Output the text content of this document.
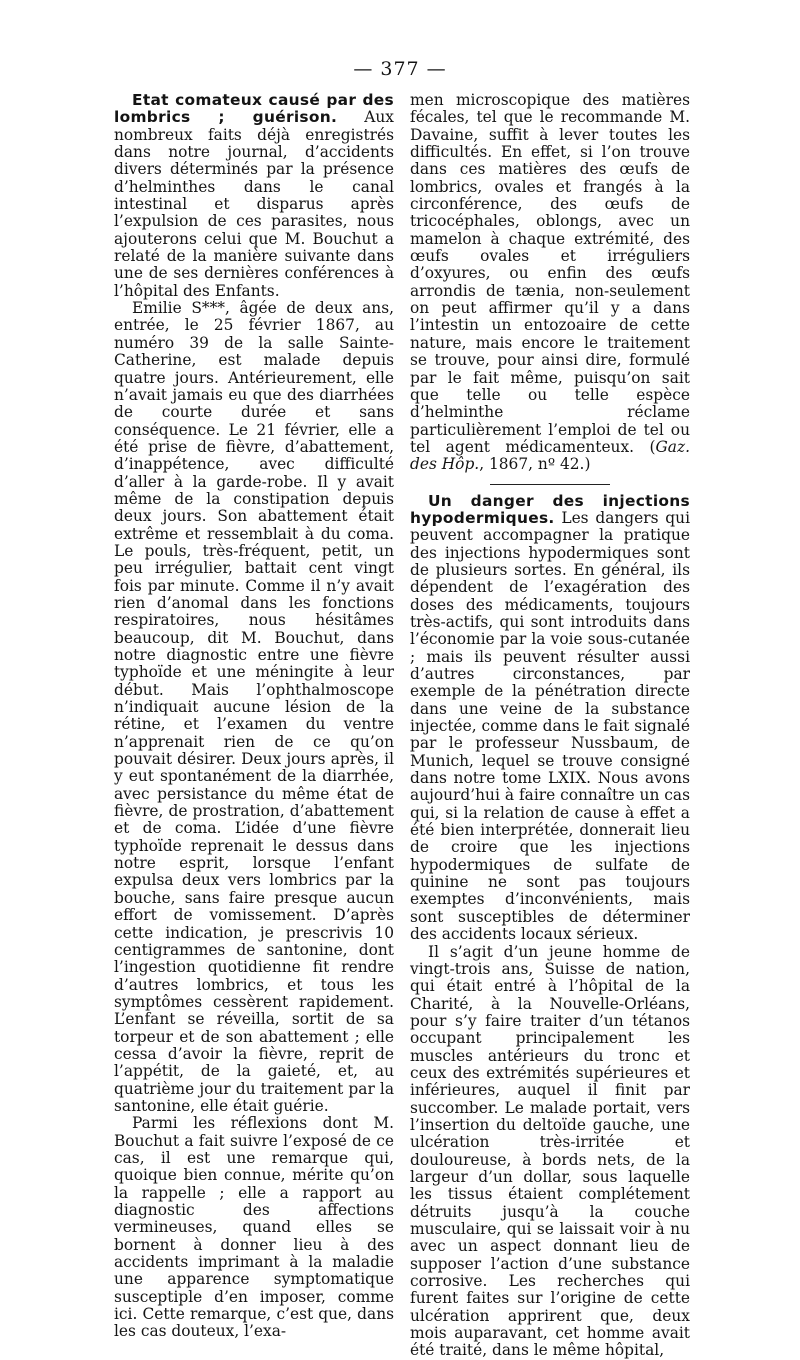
— 377 —

Etat comateux causé par des lombrics ; guérison. Aux nombreux faits déjà enregistrés dans notre journal, d’accidents divers déterminés par la présence d’helminthes dans le canal intestinal et disparus après l’expulsion de ces parasites, nous ajouterons celui que M. Bouchut a relaté de la manière suivante dans une de ses dernières conférences à l’hôpital des Enfants.

Emilie S***, âgée de deux ans, entrée, le 25 février 1867, au numéro 39 de la salle Sainte-Catherine, est malade depuis quatre jours. Antérieurement, elle n’avait jamais eu que des diarrhées de courte durée et sans conséquence. Le 21 février, elle a été prise de fièvre, d’abattement, d’inappétence, avec difficulté d’aller à la garde-robe. Il y avait même de la constipation depuis deux jours. Son abattement était extrême et ressemblait à du coma. Le pouls, très-fréquent, petit, un peu irrégulier, battait cent vingt fois par minute. Comme il n’y avait rien d’anomal dans les fonctions respiratoires, nous hésitâmes beaucoup, dit M. Bouchut, dans notre diagnostic entre une fièvre typhoïde et une méningite à leur début. Mais l’ophthalmoscope n’indiquait aucune lésion de la rétine, et l’examen du ventre n’apprenait rien de ce qu’on pouvait désirer. Deux jours après, il y eut spontanément de la diarrhée, avec persistance du même état de fièvre, de prostration, d’abattement et de coma. L’idée d’une fièvre typhoïde reprenait le dessus dans notre esprit, lorsque l’enfant expulsa deux vers lombrics par la bouche, sans faire presque aucun effort de vomissement. D’après cette indication, je prescrivis 10 centigrammes de santonine, dont l’ingestion quotidienne fit rendre d’autres lombrics, et tous les symptômes cessèrent rapidement. L’enfant se réveilla, sortit de sa torpeur et de son abattement ; elle cessa d’avoir la fièvre, reprit de l’appétit, de la gaieté, et, au quatrième jour du traitement par la santonine, elle était guérie.

Parmi les réflexions dont M. Bouchut a fait suivre l’exposé de ce cas, il est une remarque qui, quoique bien connue, mérite qu’on la rappelle ; elle a rapport au diagnostic des affections vermineuses, quand elles se bornent à donner lieu à des accidents imprimant à la maladie une apparence symptomatique susceptiple d’en imposer, comme ici. Cette remarque, c’est que, dans les cas douteux, l’exa-

men microscopique des matières fécales, tel que le recommande M. Davaine, suffit à lever toutes les difficultés. En effet, si l’on trouve dans ces matières des œufs de lombrics, ovales et frangés à la circonférence, des œufs de tricocéphales, oblongs, avec un mamelon à chaque extrémité, des œufs ovales et irréguliers d’oxyures, ou enfin des œufs arrondis de tænia, non-seulement on peut affirmer qu’il y a dans l’intestin un entozoaire de cette nature, mais encore le traitement se trouve, pour ainsi dire, formulé par le fait même, puisqu’on sait que telle ou telle espèce d’helminthe réclame particulièrement l’emploi de tel ou tel agent médicamenteux. (Gaz. des Hôp., 1867, nº 42.)

Un danger des injections hypodermiques. Les dangers qui peuvent accompagner la pratique des injections hypodermiques sont de plusieurs sortes. En général, ils dépendent de l’exagération des doses des médicaments, toujours très-actifs, qui sont introduits dans l’économie par la voie sous-cutanée ; mais ils peuvent résulter aussi d’autres circonstances, par exemple de la pénétration directe dans une veine de la substance injectée, comme dans le fait signalé par le professeur Nussbaum, de Munich, lequel se trouve consigné dans notre tome LXIX. Nous avons aujourd’hui à faire connaître un cas qui, si la relation de cause à effet a été bien interprétée, donnerait lieu de croire que les injections hypodermiques de sulfate de quinine ne sont pas toujours exemptes d’inconvénients, mais sont susceptibles de déterminer des accidents locaux sérieux.

Il s’agit d’un jeune homme de vingt-trois ans, Suisse de nation, qui était entré à l’hôpital de la Charité, à la Nouvelle-Orléans, pour s’y faire traiter d’un tétanos occupant principalement les muscles antérieurs du tronc et ceux des extrémités supérieures et inférieures, auquel il finit par succomber. Le malade portait, vers l’insertion du deltoïde gauche, une ulcération très-irritée et douloureuse, à bords nets, de la largeur d’un dollar, sous laquelle les tissus étaient complétement détruits jusqu’à la couche musculaire, qui se laissait voir à nu avec un aspect donnant lieu de supposer l’action d’une substance corrosive. Les recherches qui furent faites sur l’origine de cette ulcération apprirent que, deux mois auparavant, cet homme avait été traité, dans le même hôpital,
